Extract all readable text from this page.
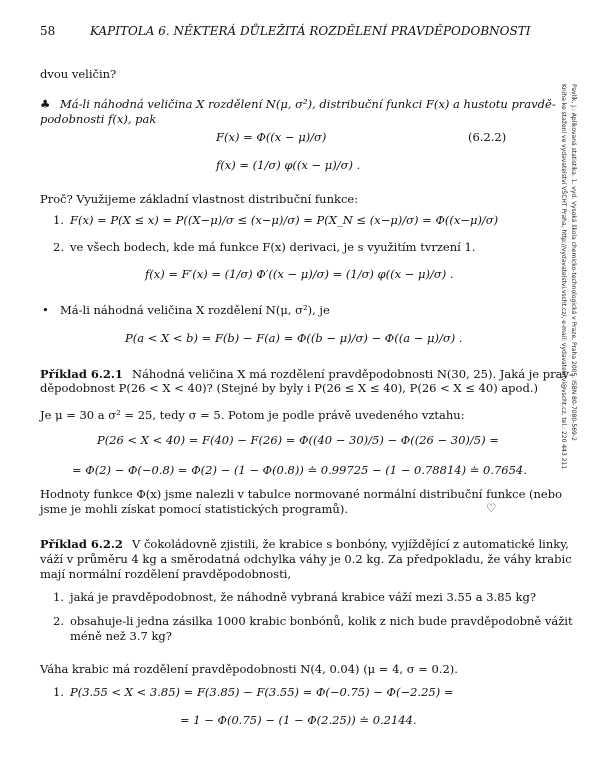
58	KAPITOLA 6. NĚKTERÁ DŮLEŽITÁ ROZDĚLENÍ PRAVDĚPODOBNOSTI
Pavlík, J.: Aplikovaná statistika. 1. vyd. Vysoká škola chemicko-technologická v Praze, Praha 2005. ISBN 80-7080-569-2
Kniha ke stažení ve vydavatelství VŠCHT Praha, http://vydavatelstvi.vscht.cz/, e-mail: vydavatelstvi@vscht.cz, tel.: 220 443 211
dvou veličin?
♣ Má-li náhodná veličina X rozdělení N(μ, σ²), distribuční funkci F(x) a hustotu pravdě-
podobnosti f(x), pak
F(x) = Φ((x − μ)/σ)	(6.2.2)
f(x) = (1/σ) φ((x − μ)/σ) .
Proč? Využijeme základní vlastnost distribuční funkce:
1. F(x) = P(X ≤ x) = P((X−μ)/σ ≤ (x−μ)/σ) = P(X_N ≤ (x−μ)/σ) = Φ((x−μ)/σ)
2. ve všech bodech, kde má funkce F(x) derivaci, je s využitím tvrzení 1.
f(x) = F′(x) = (1/σ) Φ′((x − μ)/σ) = (1/σ) φ((x − μ)/σ) .
• Má-li náhodná veličina X rozdělení N(μ, σ²), je
P(a < X < b) = F(b) − F(a) = Φ((b − μ)/σ) − Φ((a − μ)/σ) .
Příklad 6.2.1 Náhodná veličina X má rozdělení pravděpodobnosti N(30, 25). Jaká je prav-
děpodobnost P(26 < X < 40)? (Stejné by byly i P(26 ≤ X ≤ 40), P(26 < X ≤ 40) apod.)
Je μ = 30 a σ² = 25, tedy σ = 5. Potom je podle právě uvedeného vztahu:
P(26 < X < 40) = F(40) − F(26) = Φ((40 − 30)/5) − Φ((26 − 30)/5) =
= Φ(2) − Φ(−0.8) = Φ(2) − (1 − Φ(0.8)) ≐ 0.99725 − (1 − 0.78814) ≐ 0.7654.
Hodnoty funkce Φ(x) jsme nalezli v tabulce normované normální distribuční funkce (nebo
jsme je mohli získat pomocí statistických programů).	♡
Příklad 6.2.2 V čokoládovně zjistili, že krabice s bonbóny, vyjíždějící z automatické linky,
váží v průměru 4 kg a směrodatná odchylka váhy je 0.2 kg. Za předpokladu, že váhy krabic
mají normální rozdělení pravděpodobnosti,
1. jaká je pravděpodobnost, že náhodně vybraná krabice váží mezi 3.55 a 3.85 kg?
2. obsahuje-li jedna zásilka 1000 krabic bonbónů, kolik z nich bude pravděpodobně vážit
méně než 3.7 kg?
Váha krabic má rozdělení pravděpodobnosti N(4, 0.04) (μ = 4, σ = 0.2).
1. P(3.55 < X < 3.85) = F(3.85) − F(3.55) = Φ(−0.75) − Φ(−2.25) =
= 1 − Φ(0.75) − (1 − Φ(2.25)) ≐ 0.2144.
